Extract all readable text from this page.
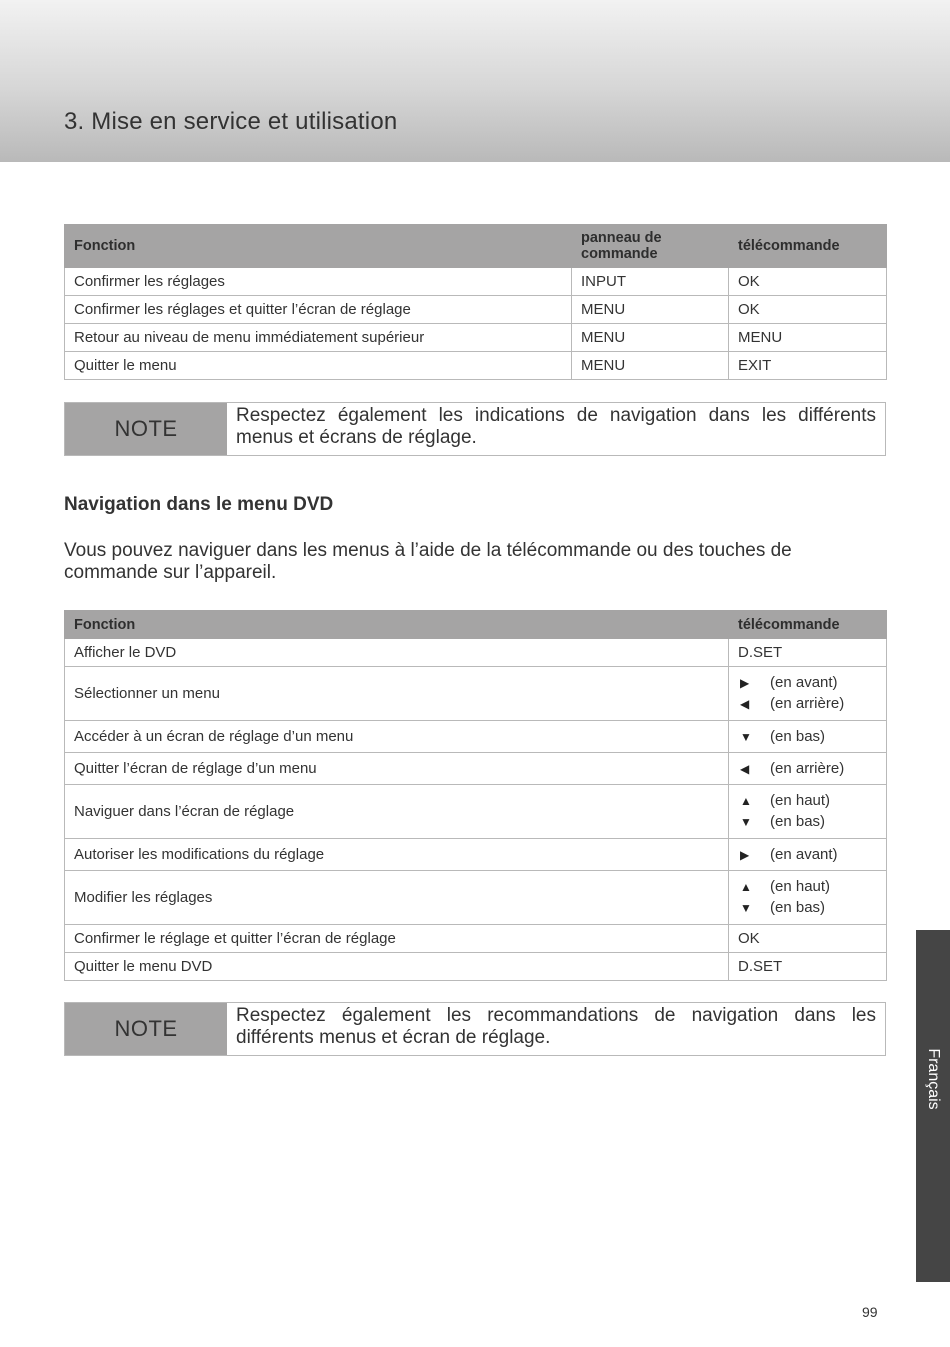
3. Mise en service et utilisation
Fonction	panneau de commande	télécommande
Confirmer les réglages	INPUT	OK
Confirmer les réglages et quitter l’écran de réglage	MENU	OK
Retour au niveau de menu immédiatement supérieur	MENU	MENU
Quitter le menu	MENU	EXIT
NOTE
Respectez également les indications de navigation dans les différents menus et écrans de réglage.
Navigation dans le menu DVD

Vous pouvez naviguer dans les menus à l’aide de la télécommande ou des touches de commande sur l’appareil.

Fonction	télécommande
Afficher le DVD	D.SET
Sélectionner un menu	▶ (en avant)
◀ (en arrière)

Accéder à un écran de réglage d’un menu	▼ (en bas)

Quitter l’écran de réglage d’un menu	◀ (en arrière)

Naviguer dans l’écran de réglage	▲ (en haut)
▼ (en bas)

Autoriser les modifications du réglage	▶ (en avant)

Modifier les réglages	▲ (en haut)
▼ (en bas)

Confirmer le réglage et quitter l’écran de réglage	OK
Quitter le menu DVD	D.SET
NOTE
Respectez également les recommandations de navigation dans les différents menus et écran de réglage.
Français
99
